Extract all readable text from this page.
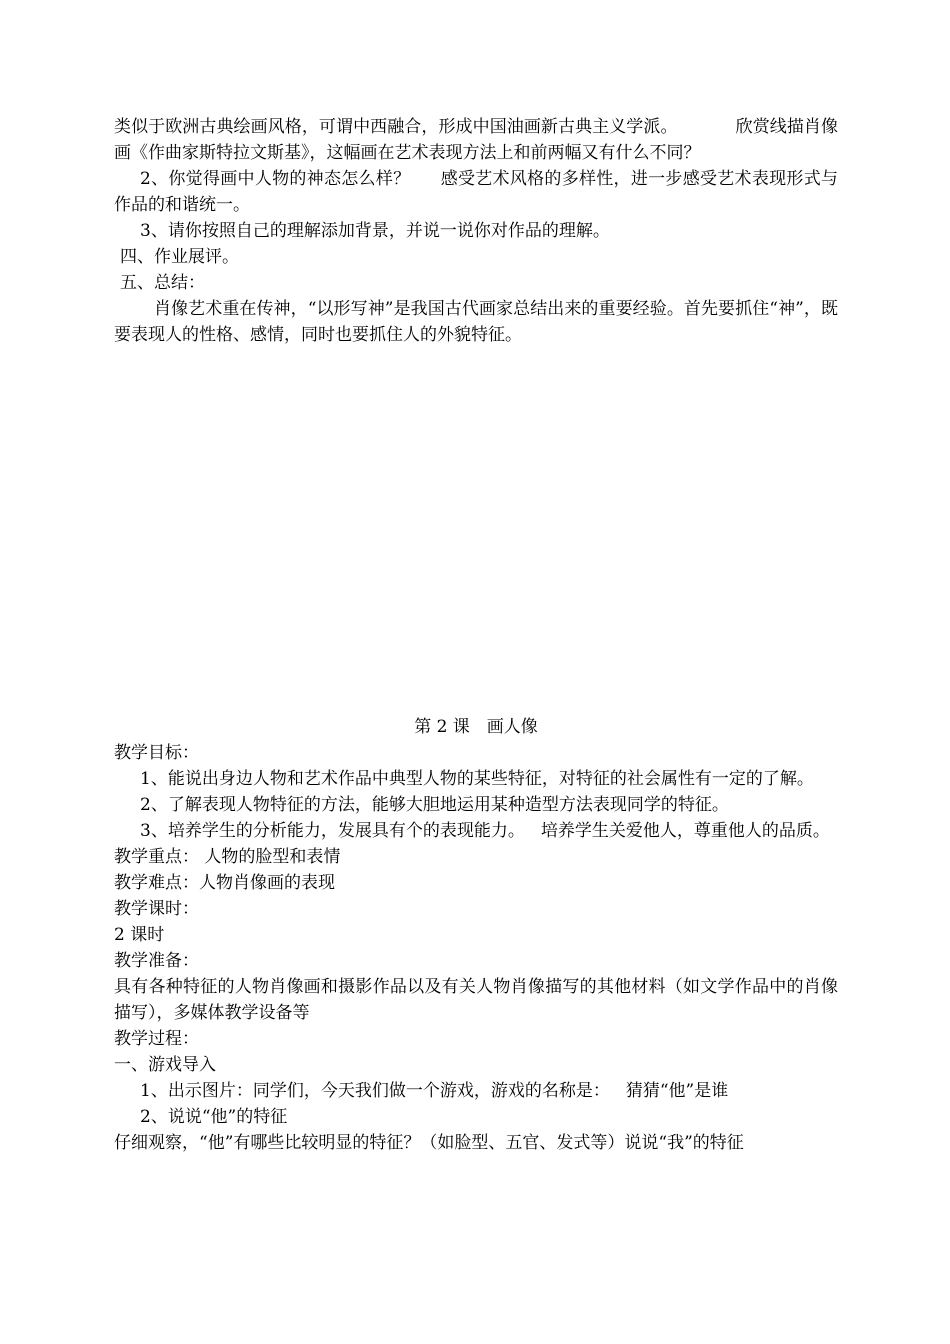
类似于欧洲古典绘画风格，可谓中西融合，形成中国油画新古典主义学派。	欣赏线描肖像画《作曲家斯特拉文斯基》，这幅画在艺术表现方法上和前两幅又有什么不同？

2、你觉得画中人物的神态怎么样？ 感受艺术风格的多样性，进一步感受艺术表现形式与作品的和谐统一。

3、请你按照自己的理解添加背景，并说一说你对作品的理解。

四、作业展评。

五、总结：

肖像艺术重在传神，“以形写神”是我国古代画家总结出来的重要经验。首先要抓住“神”，既要表现人的性格、感情，同时也要抓住人的外貌特征。

第 2 课　画人像

教学目标：

1、能说出身边人物和艺术作品中典型人物的某些特征，对特征的社会属性有一定的了解。

2、了解表现人物特征的方法，能够大胆地运用某种造型方法表现同学的特征。

3、培养学生的分析能力，发展具有个的表现能力。 培养学生关爱他人，尊重他人的品质。

教学重点： 人物的脸型和表情

教学难点：人物肖像画的表现

教学课时：

2 课时

教学准备：

具有各种特征的人物肖像画和摄影作品以及有关人物肖像描写的其他材料（如文学作品中的肖像描写），多媒体教学设备等

教学过程：

一、游戏导入

1、出示图片：同学们，今天我们做一个游戏，游戏的名称是： 猜猜“他”是谁

2、说说“他”的特征

仔细观察，“他”有哪些比较明显的特征？（如脸型、五官、发式等）说说“我”的特征
